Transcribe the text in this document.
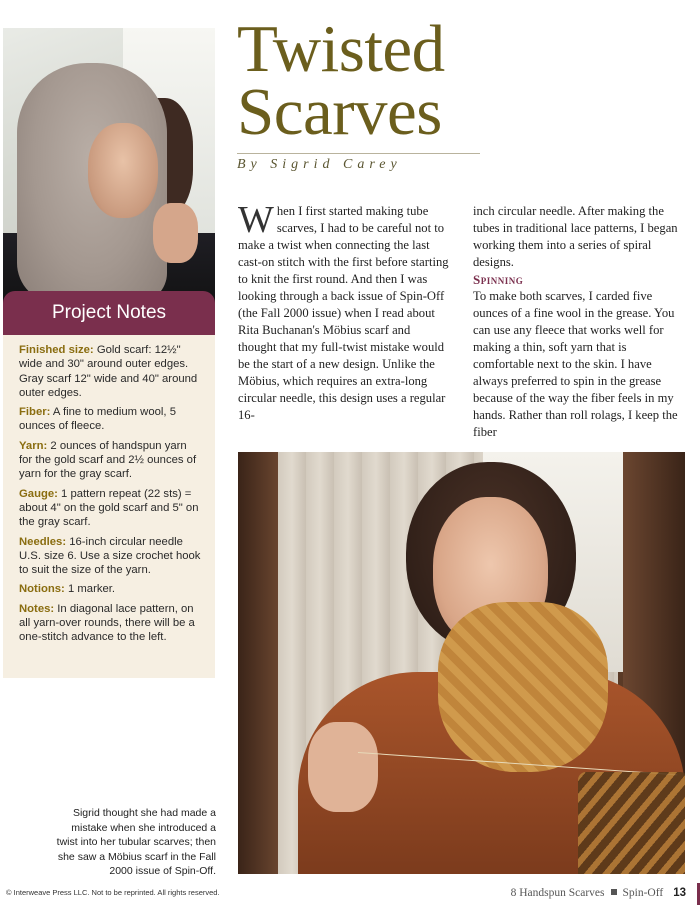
Project Notes

Finished size: Gold scarf: 12½" wide and 30" around outer edges. Gray scarf 12" wide and 40" around outer edges.

Fiber: A fine to medium wool, 5 ounces of fleece.

Yarn: 2 ounces of handspun yarn for the gold scarf and 2½ ounces of yarn for the gray scarf.

Gauge: 1 pattern repeat (22 sts) = about 4" on the gold scarf and 5" on the gray scarf.

Needles: 16-inch circular needle U.S. size 6. Use a size crochet hook to suit the size of the yarn.

Notions: 1 marker.

Notes: In diagonal lace pattern, on all yarn-over rounds, there will be a one-stitch advance to the left.

Sigrid thought she had made a mistake when she introduced a twist into her tubular scarves; then she saw a Möbius scarf in the Fall 2000 issue of Spin-Off.
Twisted
Scarves
By Sigrid Carey
W hen I first started making tube scarves, I had to be careful not to make a twist when connecting the last cast-on stitch with the first before starting to knit the first round. And then I was looking through a back issue of Spin-Off (the Fall 2000 issue) when I read about Rita Buchanan's Möbius scarf and thought that my full-twist mistake would be the start of a new design. Unlike the Möbius, which requires an extra-long circular needle, this design uses a regular 16-

inch circular needle. After making the tubes in traditional lace patterns, I began working them into a series of spiral designs.

Spinning

To make both scarves, I carded five ounces of a fine wool in the grease. You can use any fleece that works well for making a thin, soft yarn that is comfortable next to the skin. I have always preferred to spin in the grease because of the way the fiber feels in my hands. Rather than roll rolags, I keep the fiber

© Interweave Press LLC. Not to be reprinted. All rights reserved.	8 Handspun Scarves Spin-Off 13
